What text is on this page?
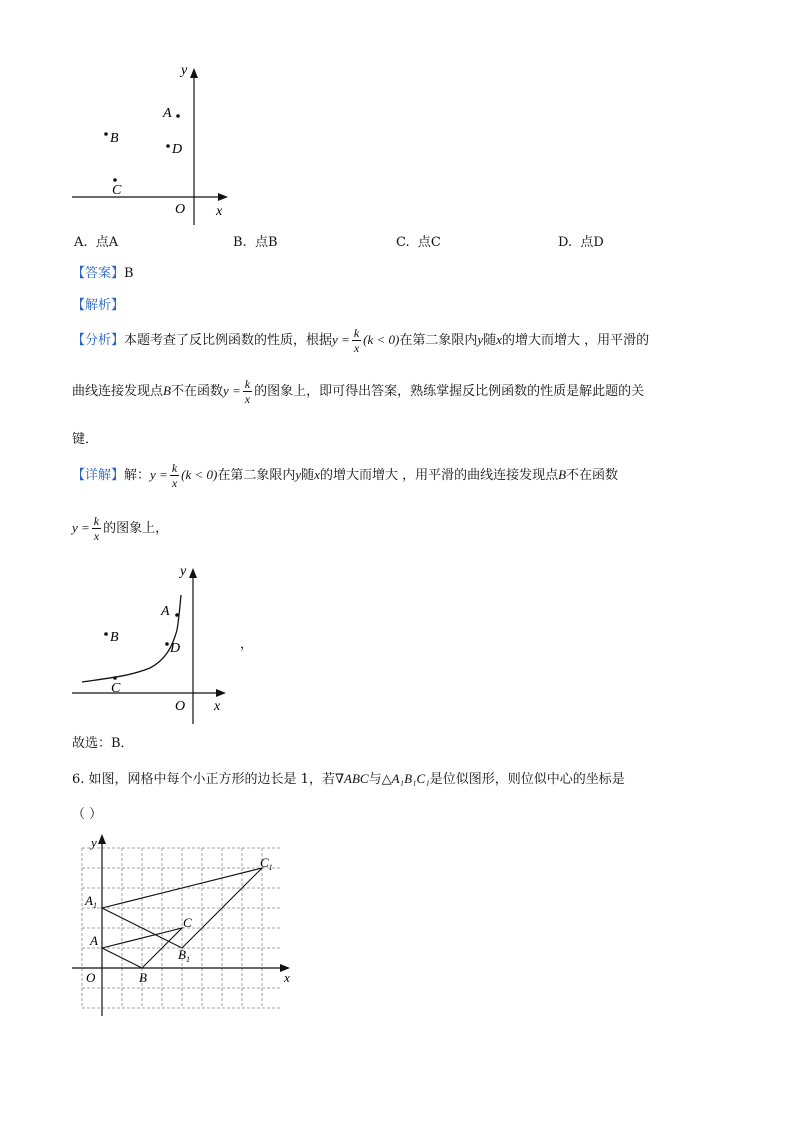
y
x
O
A
B
C
D
A. 点A	B. 点B	C. 点C	D. 点D
【答案】B
【解析】
【分析】本题考查了反比例函数的性质，根据$y = \frac{k}{x} (k < 0)$在第二象限内y随x的增大而增大 ，用平滑的
曲线连接发现点B不在函数$y = \frac{k}{x}$ 的图象上，即可得出答案，熟练掌握反比例函数的性质是解此题的关
键．
【详解】解：$y = \frac{k}{x} (k < 0)$在第二象限内y随x的增大而增大 ，用平滑的曲线连接发现点B不在函数
$y = \frac{k}{x}$ 的图象上，
y
x
O
A
B
C
D	，
故选：B．
6. 如图，网格中每个小正方形的边长是 1，若∇ABC与△A₁B₁C₁是位似图形，则位似中心的坐标是
（ ）
y
x
O
A
B
C
$A_1$
$B_1$
$C_1$
